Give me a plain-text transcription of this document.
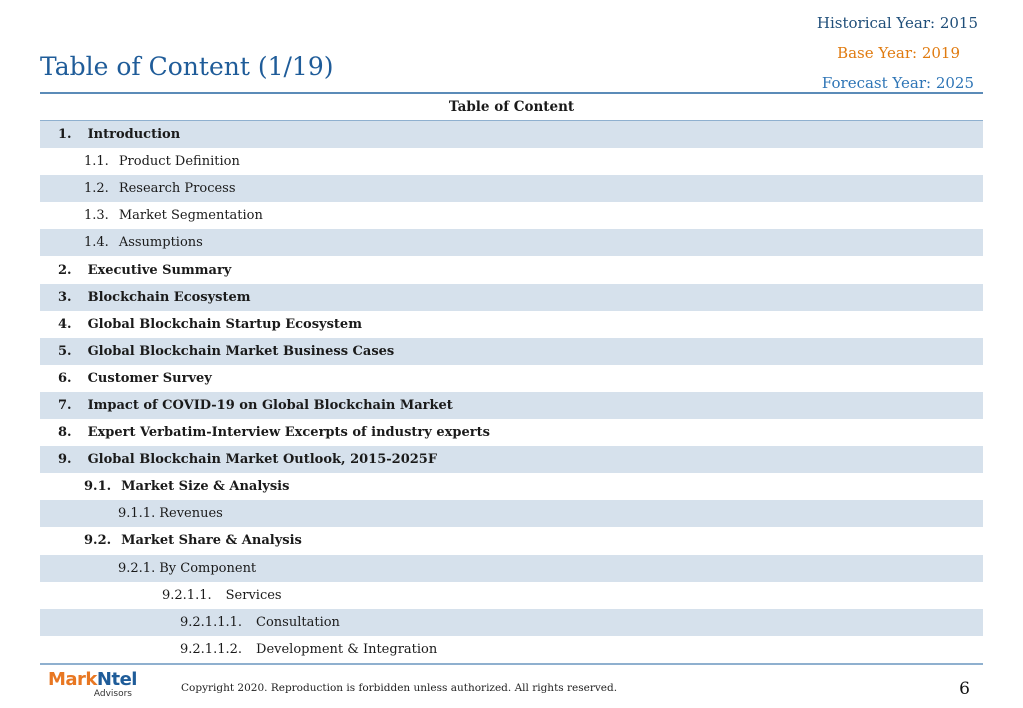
Historical Year: 2015
Base Year: 2019
Forecast Year: 2025
Table of Content (1/19)
Table of Content
1. Introduction
1.1. Product Definition
1.2. Research Process
1.3. Market Segmentation
1.4. Assumptions
2. Executive Summary
3. Blockchain Ecosystem
4. Global Blockchain Startup Ecosystem
5. Global Blockchain Market Business Cases
6. Customer Survey
7. Impact of COVID-19 on Global Blockchain Market
8. Expert Verbatim-Interview Excerpts of industry experts
9. Global Blockchain Market Outlook, 2015-2025F
9.1. Market Size & Analysis
9.1.1. Revenues
9.2. Market Share & Analysis
9.2.1. By Component
9.2.1.1. Services
9.2.1.1.1. Consultation
9.2.1.1.2. Development & Integration
MarkNtel
Advisors	Copyright 2020. Reproduction is forbidden unless authorized. All rights reserved.	6
